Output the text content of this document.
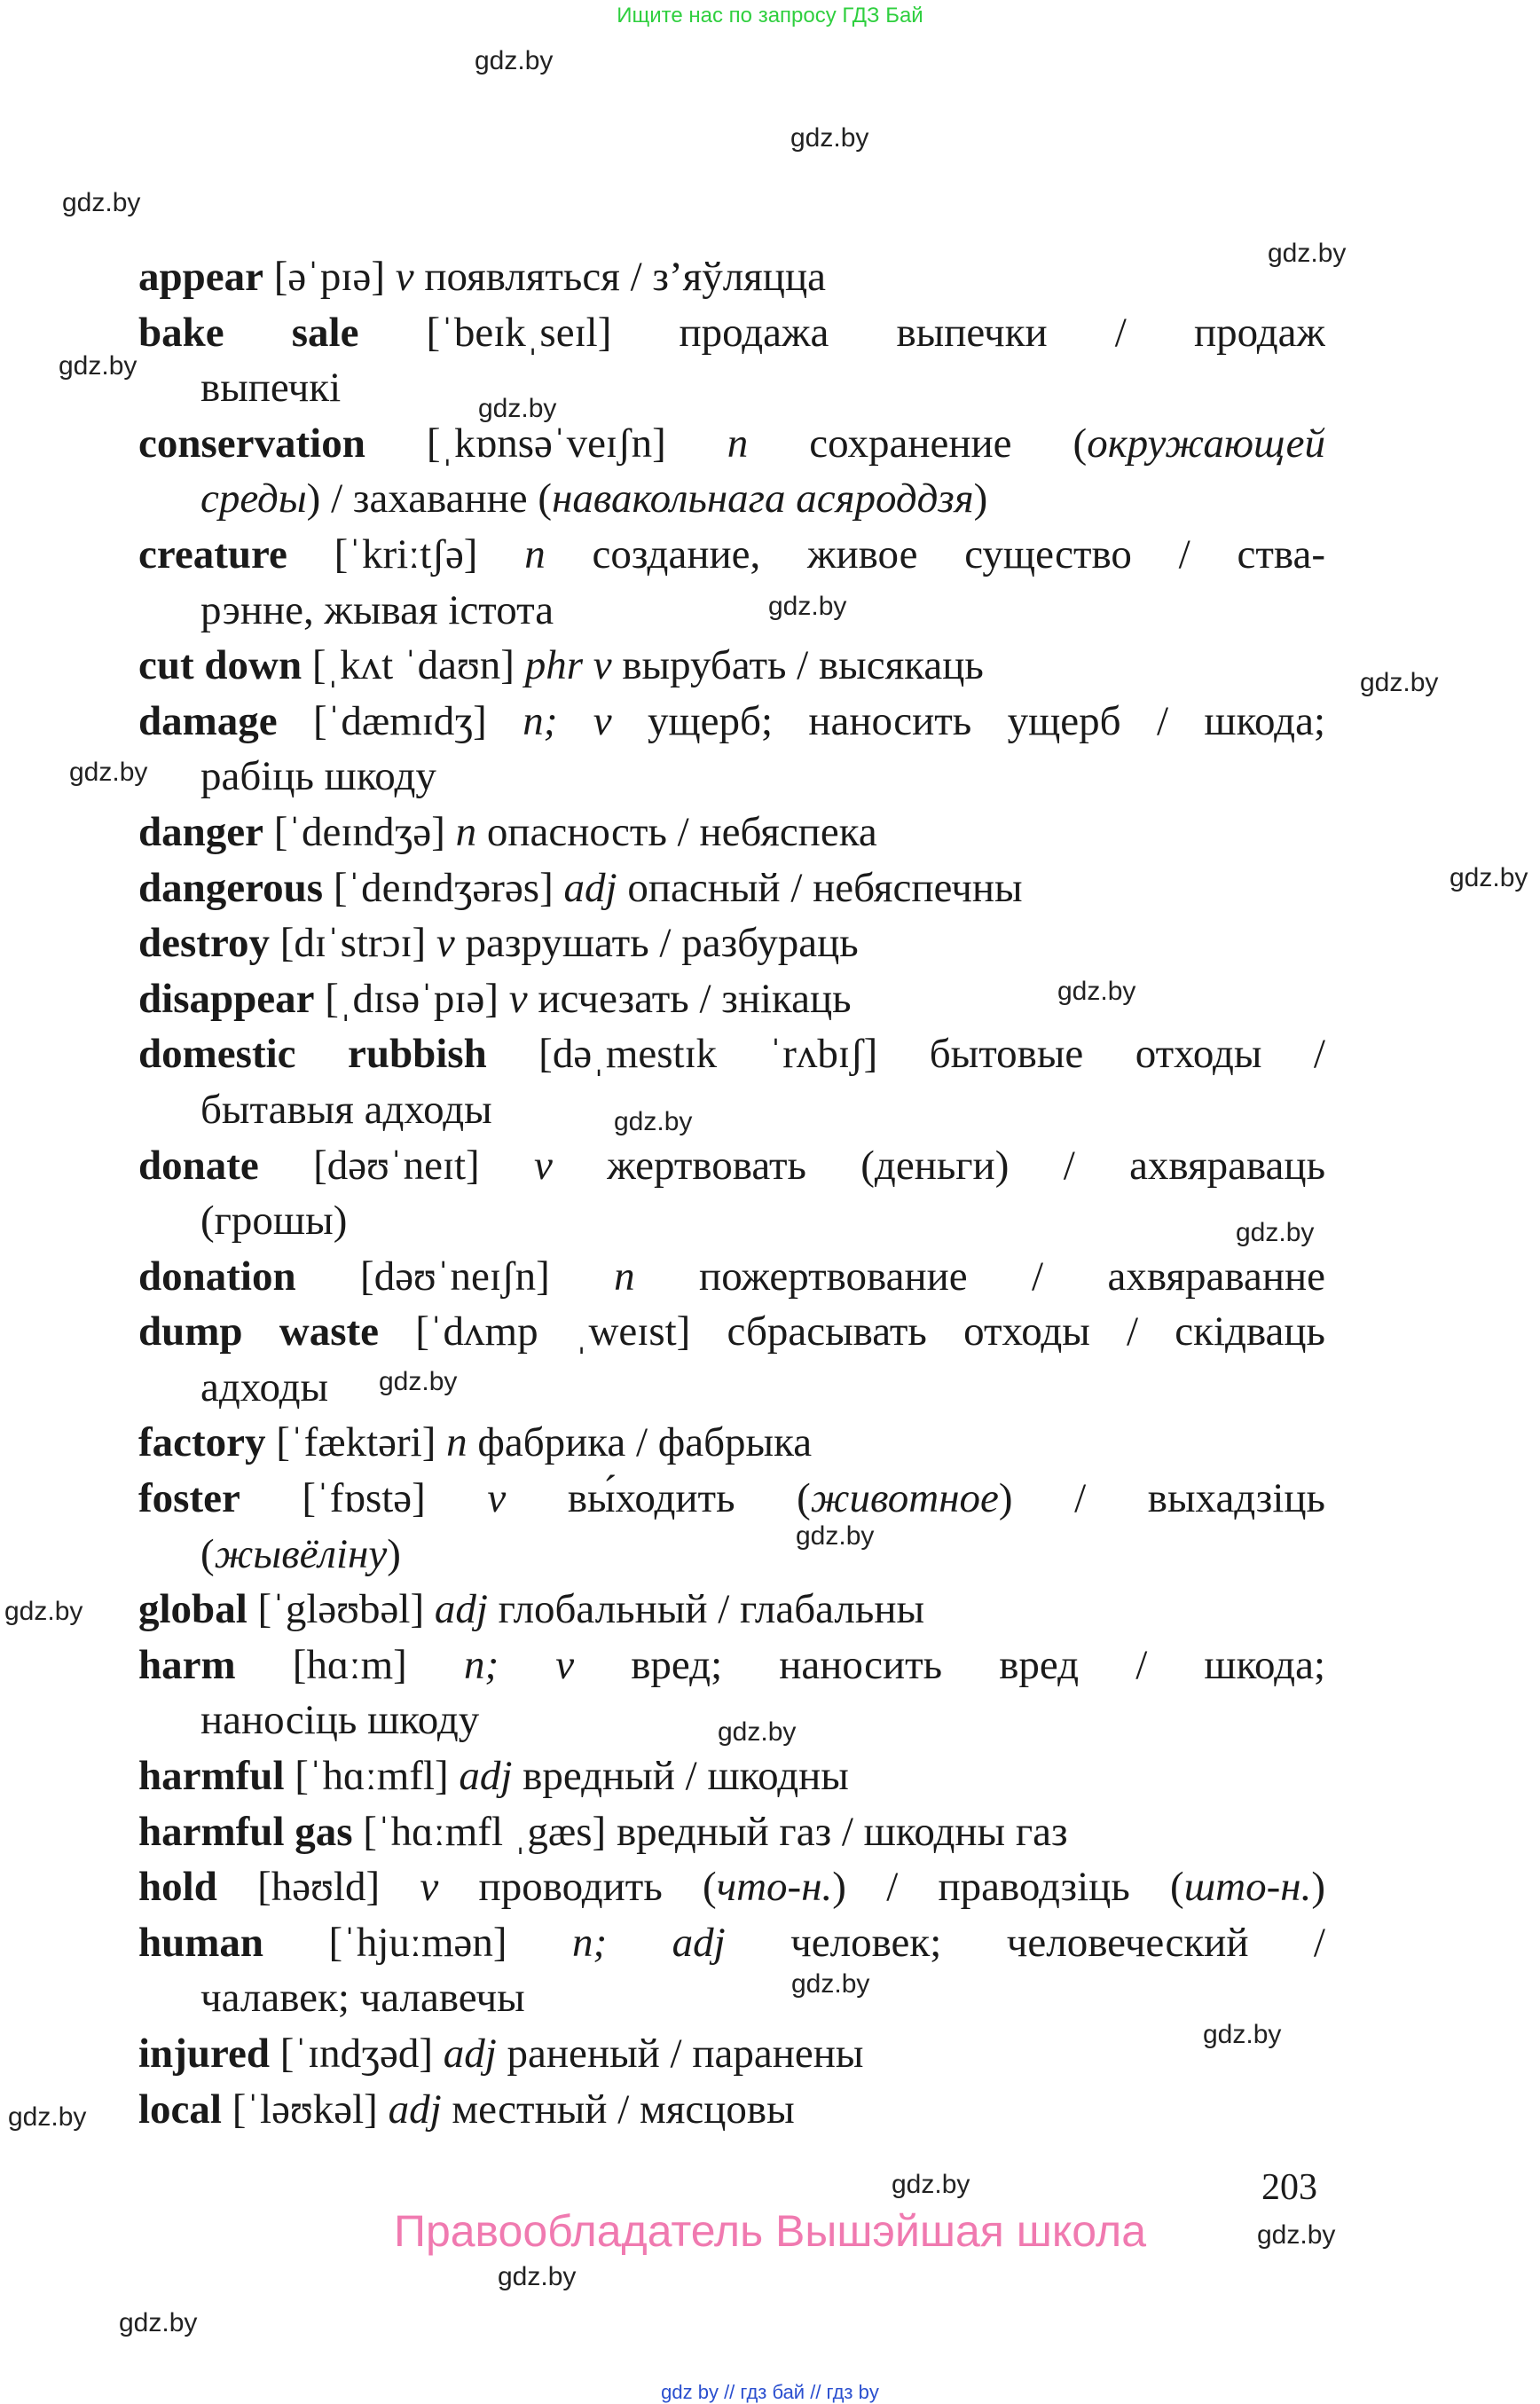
Ищите нас по запросу ГДЗ Бай
appear [əˈpɪə] v появляться / з’яўляцца
bake sale [ˈbeɪkˌseɪl] продажа выпечки / продаж
выпечкі
conservation [ˌkɒnsəˈveɪʃn] n сохранение (окружающей
среды) / захаванне (навакольнага асяроддзя)
creature [ˈkriːtʃə] n создание, живое существо / ства-
рэнне, жывая істота
cut down [ˌkʌt ˈdaʊn] phr v вырубать / высякаць
damage [ˈdæmɪdʒ] n; v ущерб; наносить ущерб / шкода;
рабіць шкоду
danger [ˈdeɪndʒə] n опасность / небяспека
dangerous [ˈdeɪndʒərəs] adj опасный / небяспечны
destroy [dɪˈstrɔɪ] v разрушать / разбураць
disappear [ˌdɪsəˈpɪə] v исчезать / знікаць
domestic rubbish [dəˌmestɪk ˈrʌbɪʃ] бытовые отходы /
бытавыя адходы
donate [dəʊˈneɪt] v жертвовать (деньги) / ахвяраваць
(грошы)
donation [dəʊˈneɪʃn] n пожертвование / ахвяраванне
dump waste [ˈdʌmp ˌweɪst] сбрасывать отходы / скідваць
адходы
factory [ˈfæktəri] n фабрика / фабрыка
foster [ˈfɒstə] v вы́ходить (животное) / выхадзіць
(жывёліну)
global [ˈgləʊbəl] adj глобальный / глабальны
harm [hɑːm] n; v вред; наносить вред / шкода;
наносіць шкоду
harmful [ˈhɑːmfl] adj вредный / шкодны
harmful gas [ˈhɑːmfl ˌgæs] вредный газ / шкодны газ
hold [həʊld] v проводить (что-н.) / праводзіць (што-н.)
human [ˈhjuːmən] n; adj человек; человеческий /
чалавек; чалавечы
injured [ˈɪndʒəd] adj раненый / паранены
local [ˈləʊkəl] adj местный / мясцовы
203
Правообладатель Вышэйшая школа
gdz by // гдз бай // гдз by
gdz.by
gdz.by
gdz.by
gdz.by
gdz.by
gdz.by
gdz.by
gdz.by
gdz.by
gdz.by
gdz.by
gdz.by
gdz.by
gdz.by
gdz.by
gdz.by
gdz.by
gdz.by
gdz.by
gdz.by
gdz.by
gdz.by
gdz.by
gdz.by
